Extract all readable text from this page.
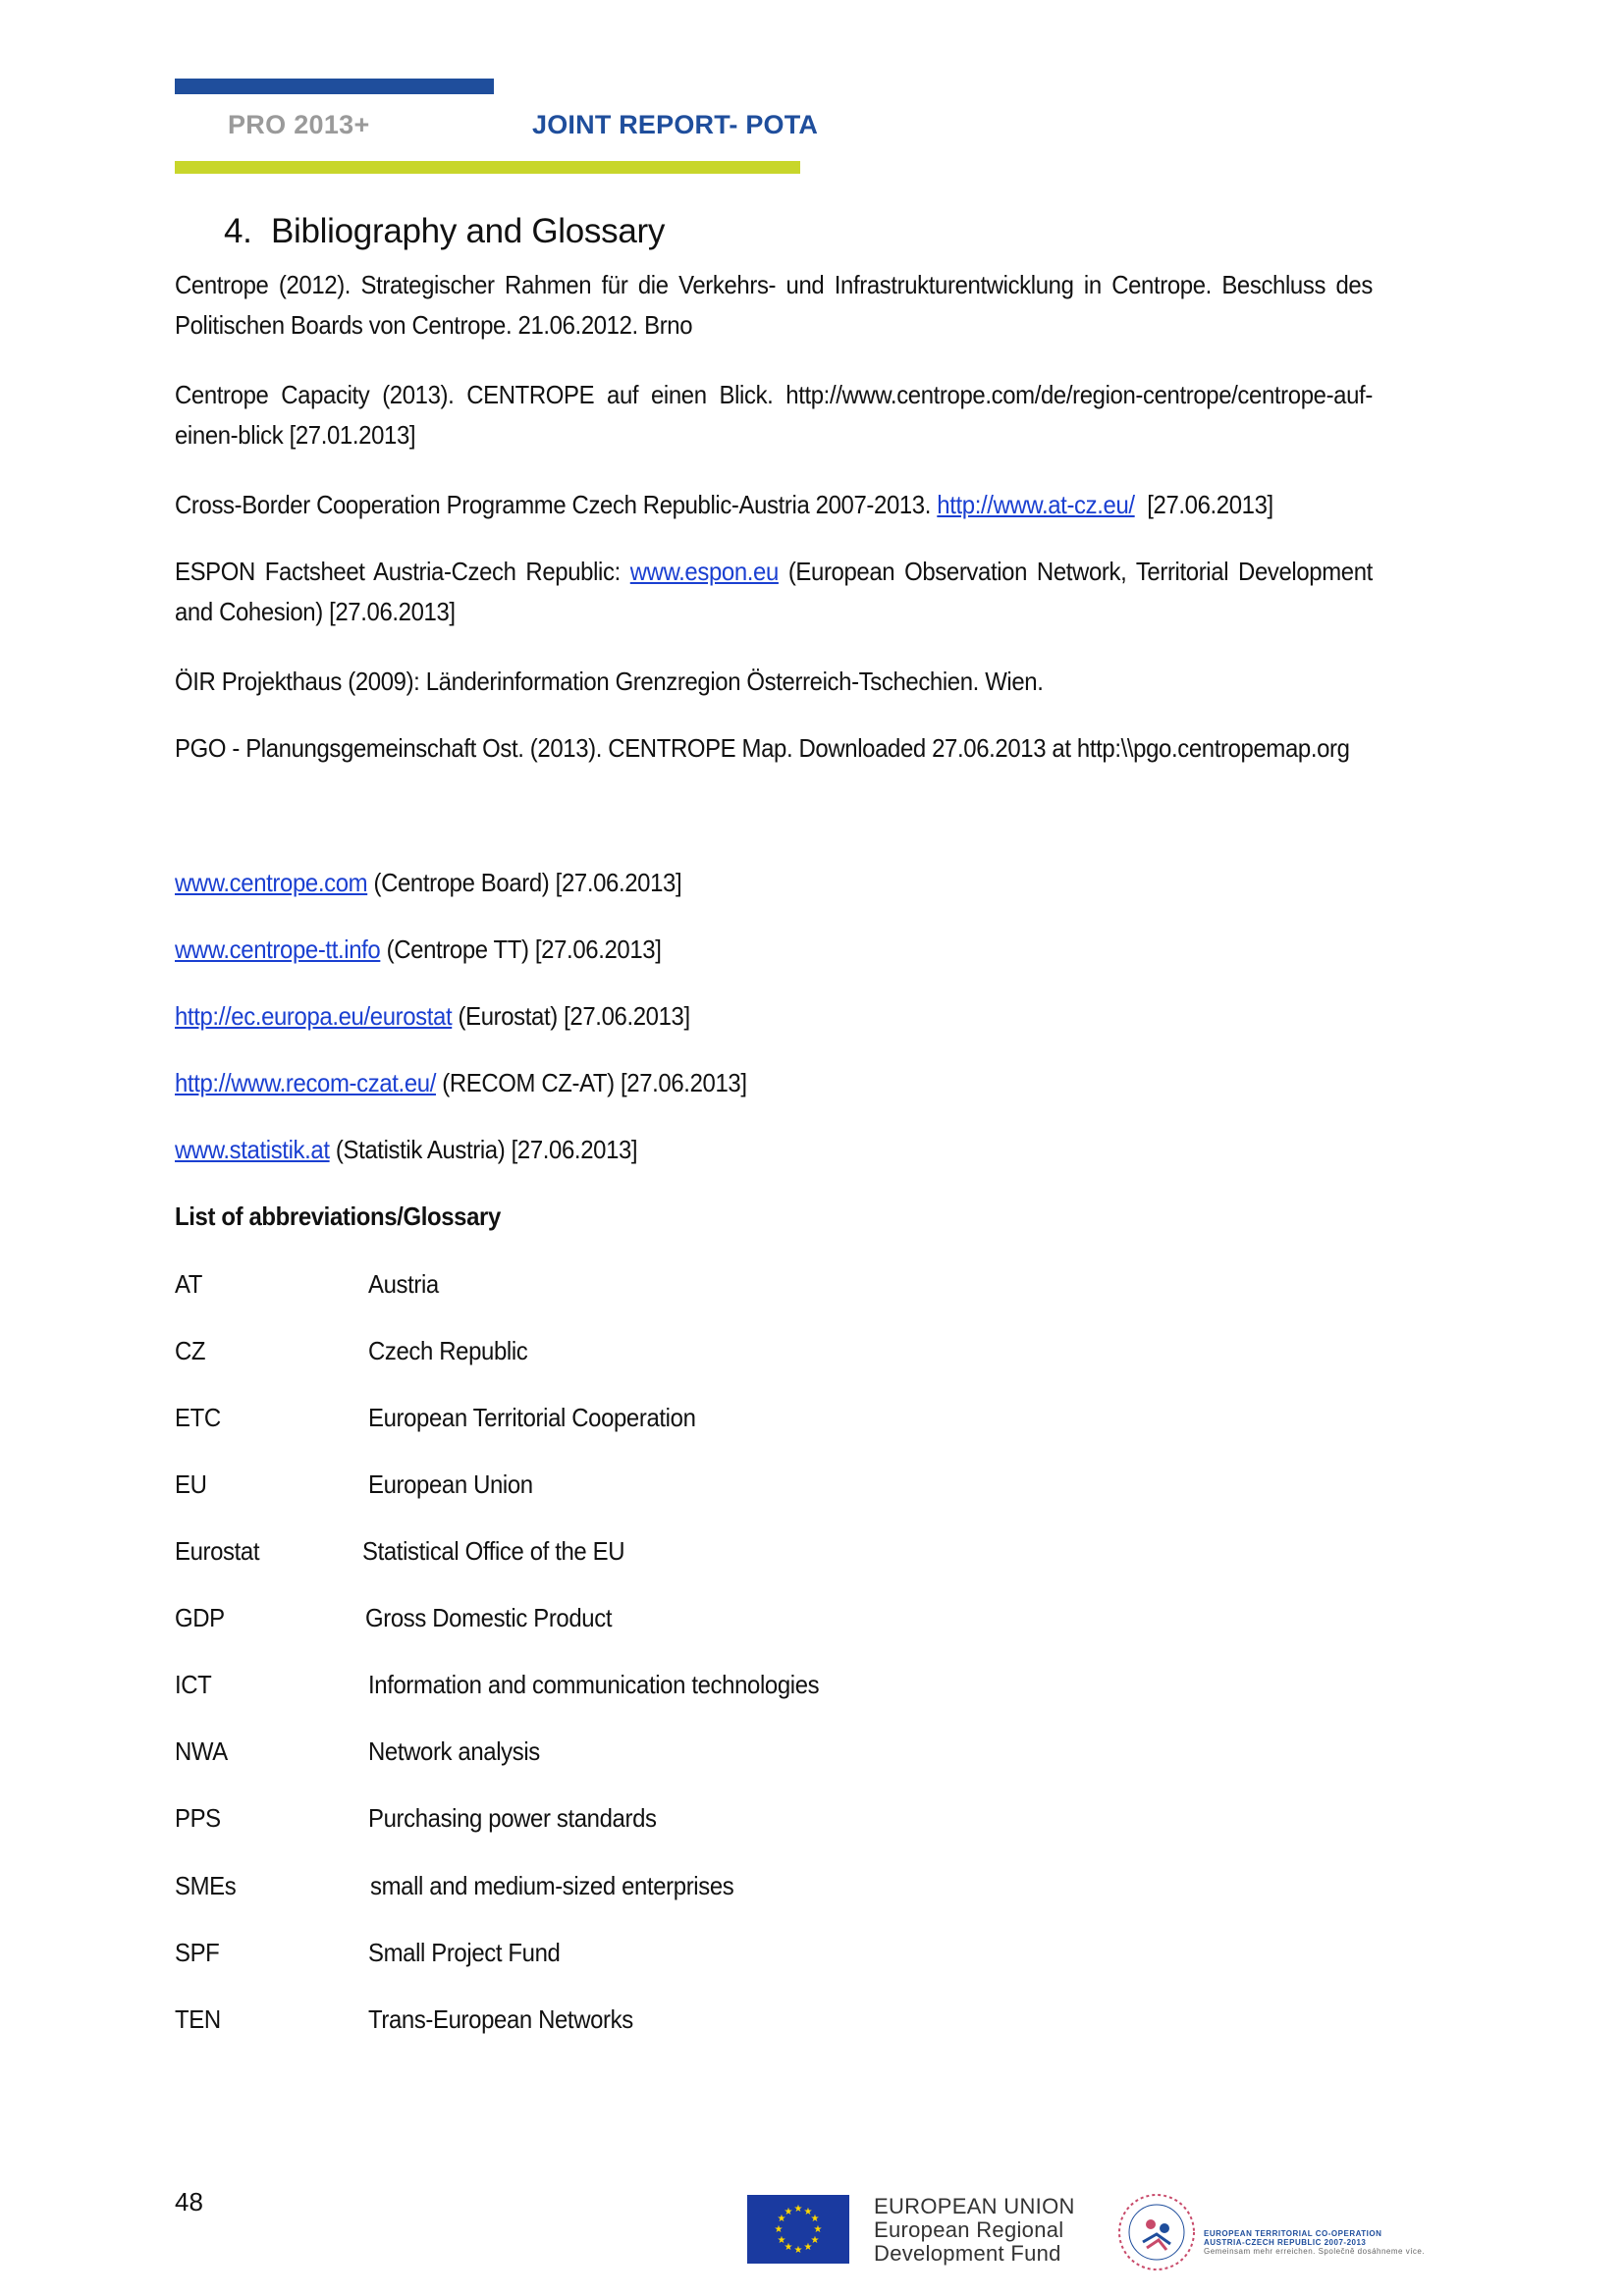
PRO 2013+	JOINT REPORT- POTA
4. Bibliography and Glossary
Centrope (2012). Strategischer Rahmen für die Verkehrs- und Infrastrukturentwicklung in Centrope. Beschluss des Politischen Boards von Centrope. 21.06.2012. Brno
Centrope Capacity (2013). CENTROPE auf einen Blick. http://www.centrope.com/de/region-centrope/centrope-auf-einen-blick [27.01.2013]
Cross-Border Cooperation Programme Czech Republic-Austria 2007-2013. http://www.at-cz.eu/ [27.06.2013]
ESPON Factsheet Austria-Czech Republic: www.espon.eu (European Observation Network, Territorial Development and Cohesion) [27.06.2013]
ÖIR Projekthaus (2009): Länderinformation Grenzregion Österreich-Tschechien. Wien.
PGO - Planungsgemeinschaft Ost. (2013). CENTROPE Map. Downloaded 27.06.2013 at http:\\pgo.centropemap.org
www.centrope.com (Centrope Board) [27.06.2013]
www.centrope-tt.info (Centrope TT) [27.06.2013]
http://ec.europa.eu/eurostat (Eurostat) [27.06.2013]
http://www.recom-czat.eu/ (RECOM CZ-AT) [27.06.2013]
www.statistik.at (Statistik Austria) [27.06.2013]
List of abbreviations/Glossary
AT	Austria
CZ	Czech Republic
ETC	European Territorial Cooperation
EU	European Union
Eurostat	Statistical Office of the EU
GDP	Gross Domestic Product
ICT	Information and communication technologies
NWA	Network analysis
PPS	Purchasing power standards
SMEs	small and medium-sized enterprises
SPF	Small Project Fund
TEN	Trans-European Networks
48	★ ★
★
★
★
★
★
★
★
★
★
★	EUROPEAN UNION
European Regional
Development Fund
EUROPEAN TERRITORIAL CO-OPERATION
AUSTRIA-CZECH REPUBLIC 2007-2013
Gemeinsam mehr erreichen. Společně dosáhneme více.
